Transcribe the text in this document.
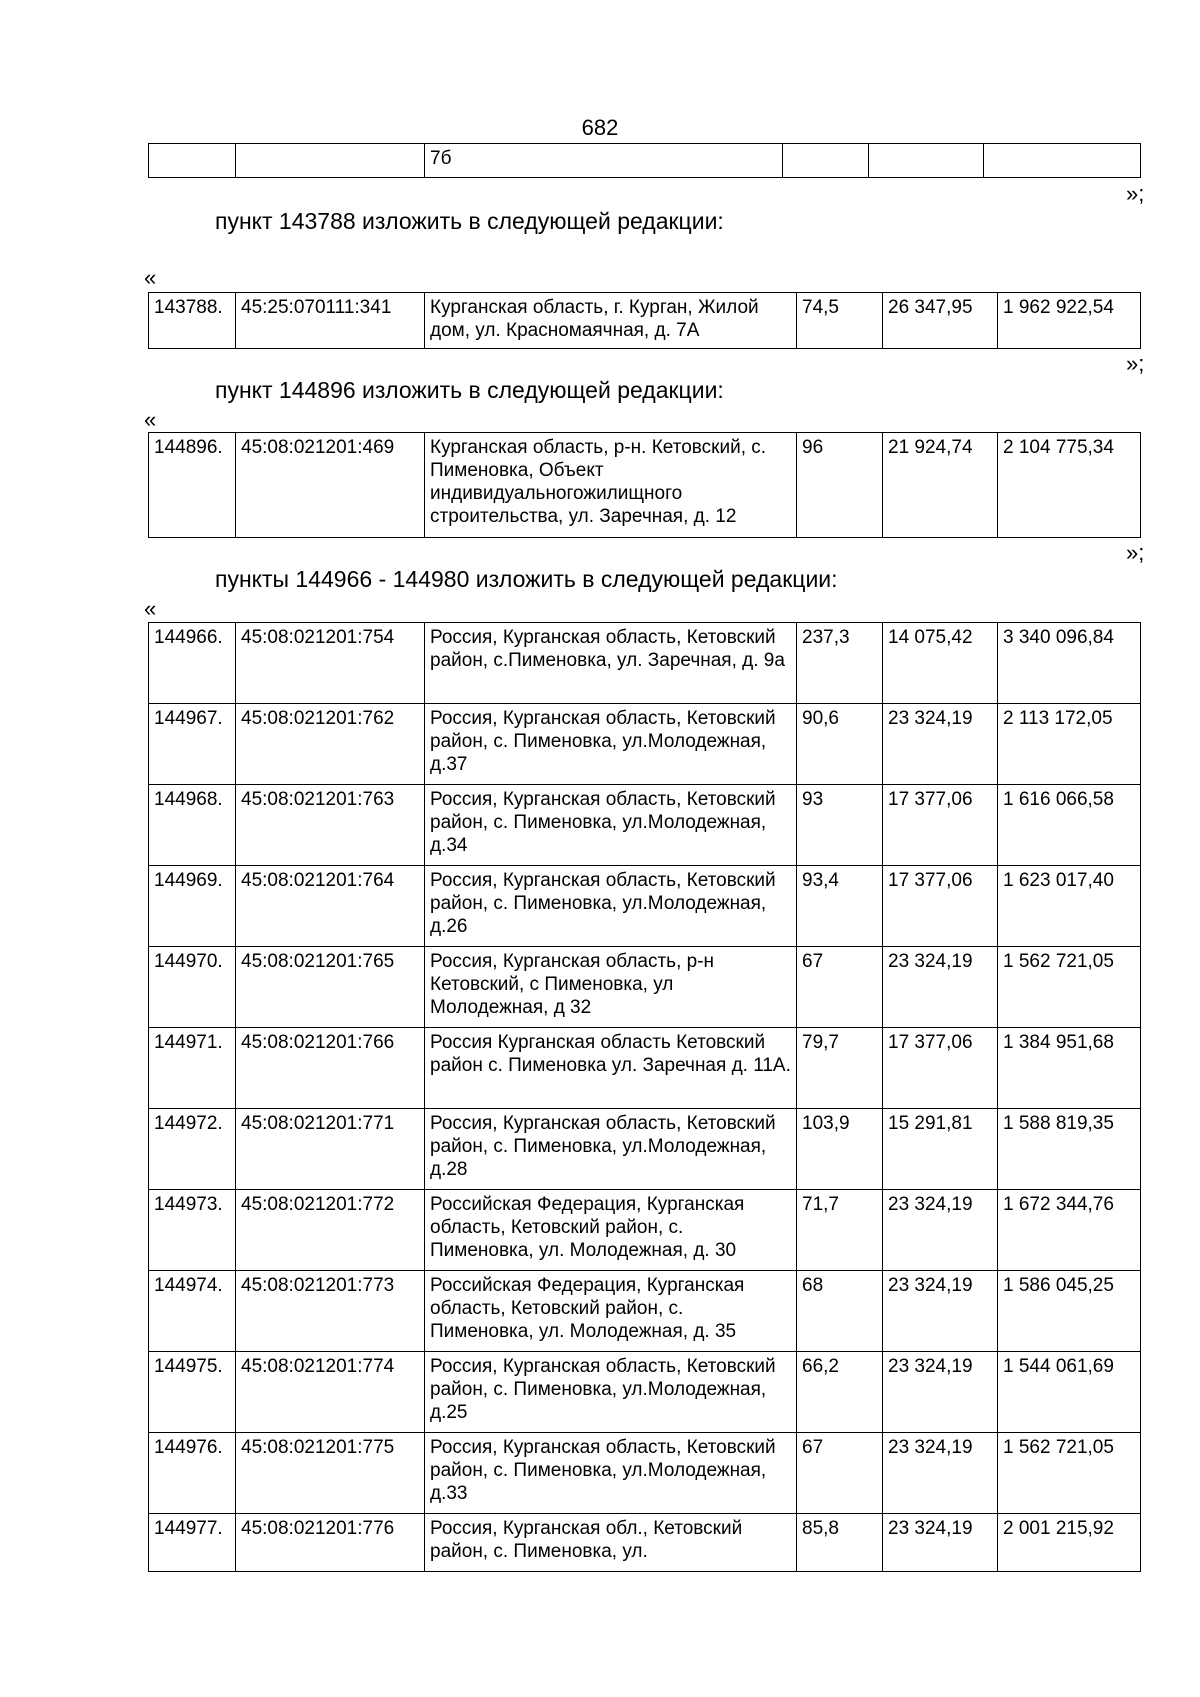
682
		7б			
»;
пункт 143788 изложить в следующей редакции:
«
143788.	45:25:070111:341	Курганская область, г. Курган, Жилой дом, ул. Красномаячная, д. 7А	74,5	26 347,95	1 962 922,54
»;
пункт 144896 изложить в следующей редакции:
«
144896.	45:08:021201:469	Курганская область, р-н. Кетовский, с. Пименовка, Объект индивидуальногожилищного строительства, ул. Заречная, д. 12	96	21 924,74	2 104 775,34
»;
пункты 144966 - 144980 изложить в следующей редакции:
«
144966.	45:08:021201:754	Россия, Курганская область, Кетовский район, с.Пименовка, ул. Заречная, д. 9а	237,3	14 075,42	3 340 096,84
144967.	45:08:021201:762	Россия, Курганская область, Кетовский район, с. Пименовка, ул.Молодежная, д.37	90,6	23 324,19	2 113 172,05
144968.	45:08:021201:763	Россия, Курганская область, Кетовский район, с. Пименовка, ул.Молодежная, д.34	93	17 377,06	1 616 066,58
144969.	45:08:021201:764	Россия, Курганская область, Кетовский район, с. Пименовка, ул.Молодежная, д.26	93,4	17 377,06	1 623 017,40
144970.	45:08:021201:765	Россия, Курганская область, р-н Кетовский, с Пименовка, ул Молодежная, д 32	67	23 324,19	1 562 721,05
144971.	45:08:021201:766	Россия Курганская область Кетовский район с. Пименовка ул. Заречная д. 11А.	79,7	17 377,06	1 384 951,68
144972.	45:08:021201:771	Россия, Курганская область, Кетовский район, с. Пименовка, ул.Молодежная, д.28	103,9	15 291,81	1 588 819,35
144973.	45:08:021201:772	Российская Федерация, Курганская область, Кетовский район, с. Пименовка, ул. Молодежная, д. 30	71,7	23 324,19	1 672 344,76
144974.	45:08:021201:773	Российская Федерация, Курганская область, Кетовский район, с. Пименовка, ул. Молодежная, д. 35	68	23 324,19	1 586 045,25
144975.	45:08:021201:774	Россия, Курганская область, Кетовский район, с. Пименовка, ул.Молодежная, д.25	66,2	23 324,19	1 544 061,69
144976.	45:08:021201:775	Россия, Курганская область, Кетовский район, с. Пименовка, ул.Молодежная, д.33	67	23 324,19	1 562 721,05
144977.	45:08:021201:776	Россия, Курганская обл., Кетовский район, с. Пименовка, ул.	85,8	23 324,19	2 001 215,92
